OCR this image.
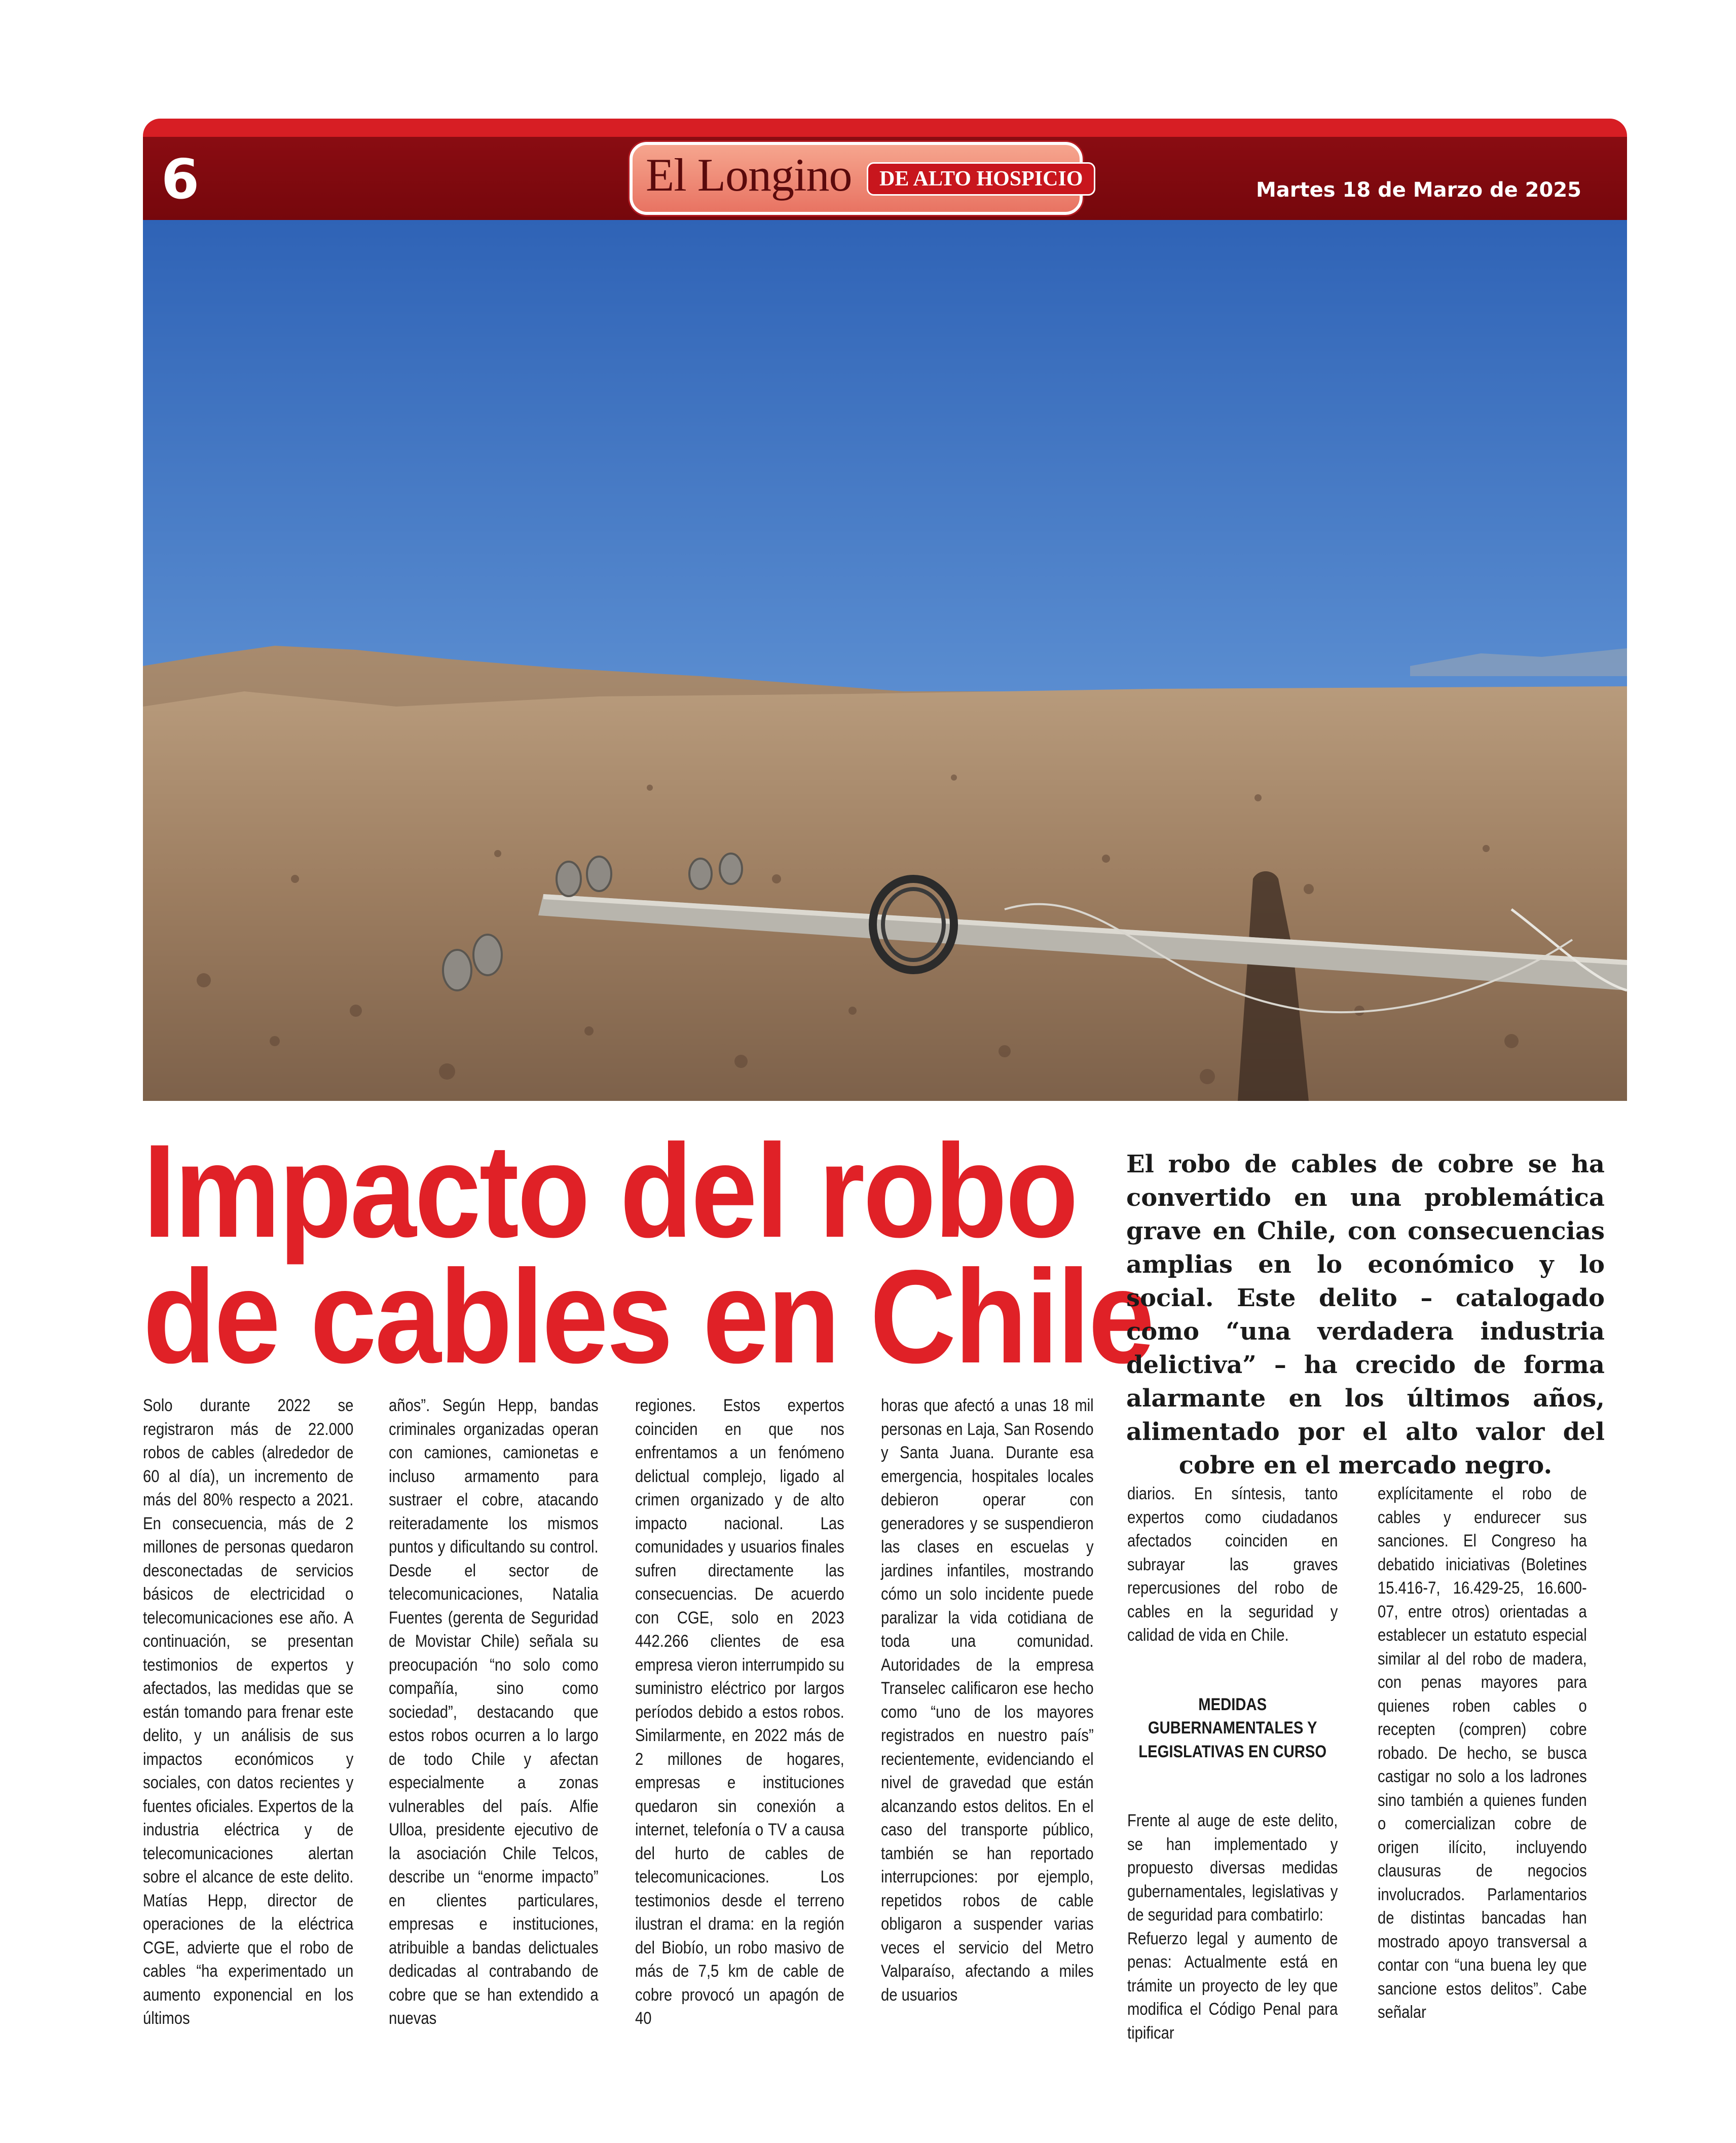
6	El Longino	DE ALTO HOSPICIO	Martes 18 de Marzo de 2025
Impacto del robo
de cables en Chile
El robo de cables de cobre se ha convertido en una problemática grave en Chile, con consecuencias amplias en lo económico y lo social. Este delito – catalogado como “una verdadera industria delictiva” – ha crecido de forma alarmante en los últimos años, alimentado por el alto valor del cobre en el mercado negro.

Solo durante 2022 se registraron más de 22.000 robos de cables (alrededor de 60 al día), un incremento de más del 80% respecto a 2021. En consecuencia, más de 2 millones de personas quedaron desconectadas de servicios básicos de electricidad o telecomunicaciones ese año. A continuación, se presentan testimonios de expertos y afectados, las medidas que se están tomando para frenar este delito, y un análisis de sus impactos económicos y sociales, con datos recientes y fuentes oficiales. Expertos de la industria eléctrica y de telecomunicaciones alertan sobre el alcance de este delito. Matías Hepp, director de operaciones de la eléctrica CGE, advierte que el robo de cables “ha experimentado un aumento exponencial en los últimos

años”. Según Hepp, bandas criminales organizadas operan con camiones, camionetas e incluso armamento para sustraer el cobre, atacando reiteradamente los mismos puntos y dificultando su control. Desde el sector de telecomunicaciones, Natalia Fuentes (gerenta de Seguridad de Movistar Chile) señala su preocupación “no solo como compañía, sino como sociedad”, destacando que estos robos ocurren a lo largo de todo Chile y afectan especialmente a zonas vulnerables del país. Alfie Ulloa, presidente ejecutivo de la asociación Chile Telcos, describe un “enorme impacto” en clientes particulares, empresas e instituciones, atribuible a bandas delictuales dedicadas al contrabando de cobre que se han extendido a nuevas

regiones. Estos expertos coinciden en que nos enfrentamos a un fenómeno delictual complejo, ligado al crimen organizado y de alto impacto nacional. Las comunidades y usuarios finales sufren directamente las consecuencias. De acuerdo con CGE, solo en 2023 442.266 clientes de esa empresa vieron interrumpido su suministro eléctrico por largos períodos debido a estos robos. Similarmente, en 2022 más de 2 millones de hogares, empresas e instituciones quedaron sin conexión a internet, telefonía o TV a causa del hurto de cables de telecomunicaciones. Los testimonios desde el terreno ilustran el drama: en la región del Biobío, un robo masivo de más de 7,5 km de cable de cobre provocó un apagón de 40

horas que afectó a unas 18 mil personas en Laja, San Rosendo y Santa Juana. Durante esa emergencia, hospitales locales debieron operar con generadores y se suspendieron las clases en escuelas y jardines infantiles, mostrando cómo un solo incidente puede paralizar la vida cotidiana de toda una comunidad. Autoridades de la empresa Transelec calificaron ese hecho como “uno de los mayores registrados en nuestro país” recientemente, evidenciando el nivel de gravedad que están alcanzando estos delitos. En el caso del transporte público, también se han reportado interrupciones: por ejemplo, repetidos robos de cable obligaron a suspender varias veces el servicio del Metro Valparaíso, afectando a miles de usuarios

diarios. En síntesis, tanto expertos como ciudadanos afectados coinciden en subrayar las graves repercusiones del robo de cables en la seguridad y calidad de vida en Chile.

MEDIDAS GUBERNAMENTALES Y LEGISLATIVAS EN CURSO

Frente al auge de este delito, se han implementado y propuesto diversas medidas gubernamentales, legislativas y de seguridad para combatirlo:

Refuerzo legal y aumento de penas: Actualmente está en trámite un proyecto de ley que modifica el Código Penal para tipificar

explícitamente el robo de cables y endurecer sus sanciones. El Congreso ha debatido iniciativas (Boletines 15.416-7, 16.429-25, 16.600-07, entre otros) orientadas a establecer un estatuto especial similar al del robo de madera, con penas mayores para quienes roben cables o recepten (compren) cobre robado. De hecho, se busca castigar no solo a los ladrones sino también a quienes funden o comercializan cobre de origen ilícito, incluyendo clausuras de negocios involucrados. Parlamentarios de distintas bancadas han mostrado apoyo transversal a contar con “una buena ley que sancione estos delitos”. Cabe señalar
